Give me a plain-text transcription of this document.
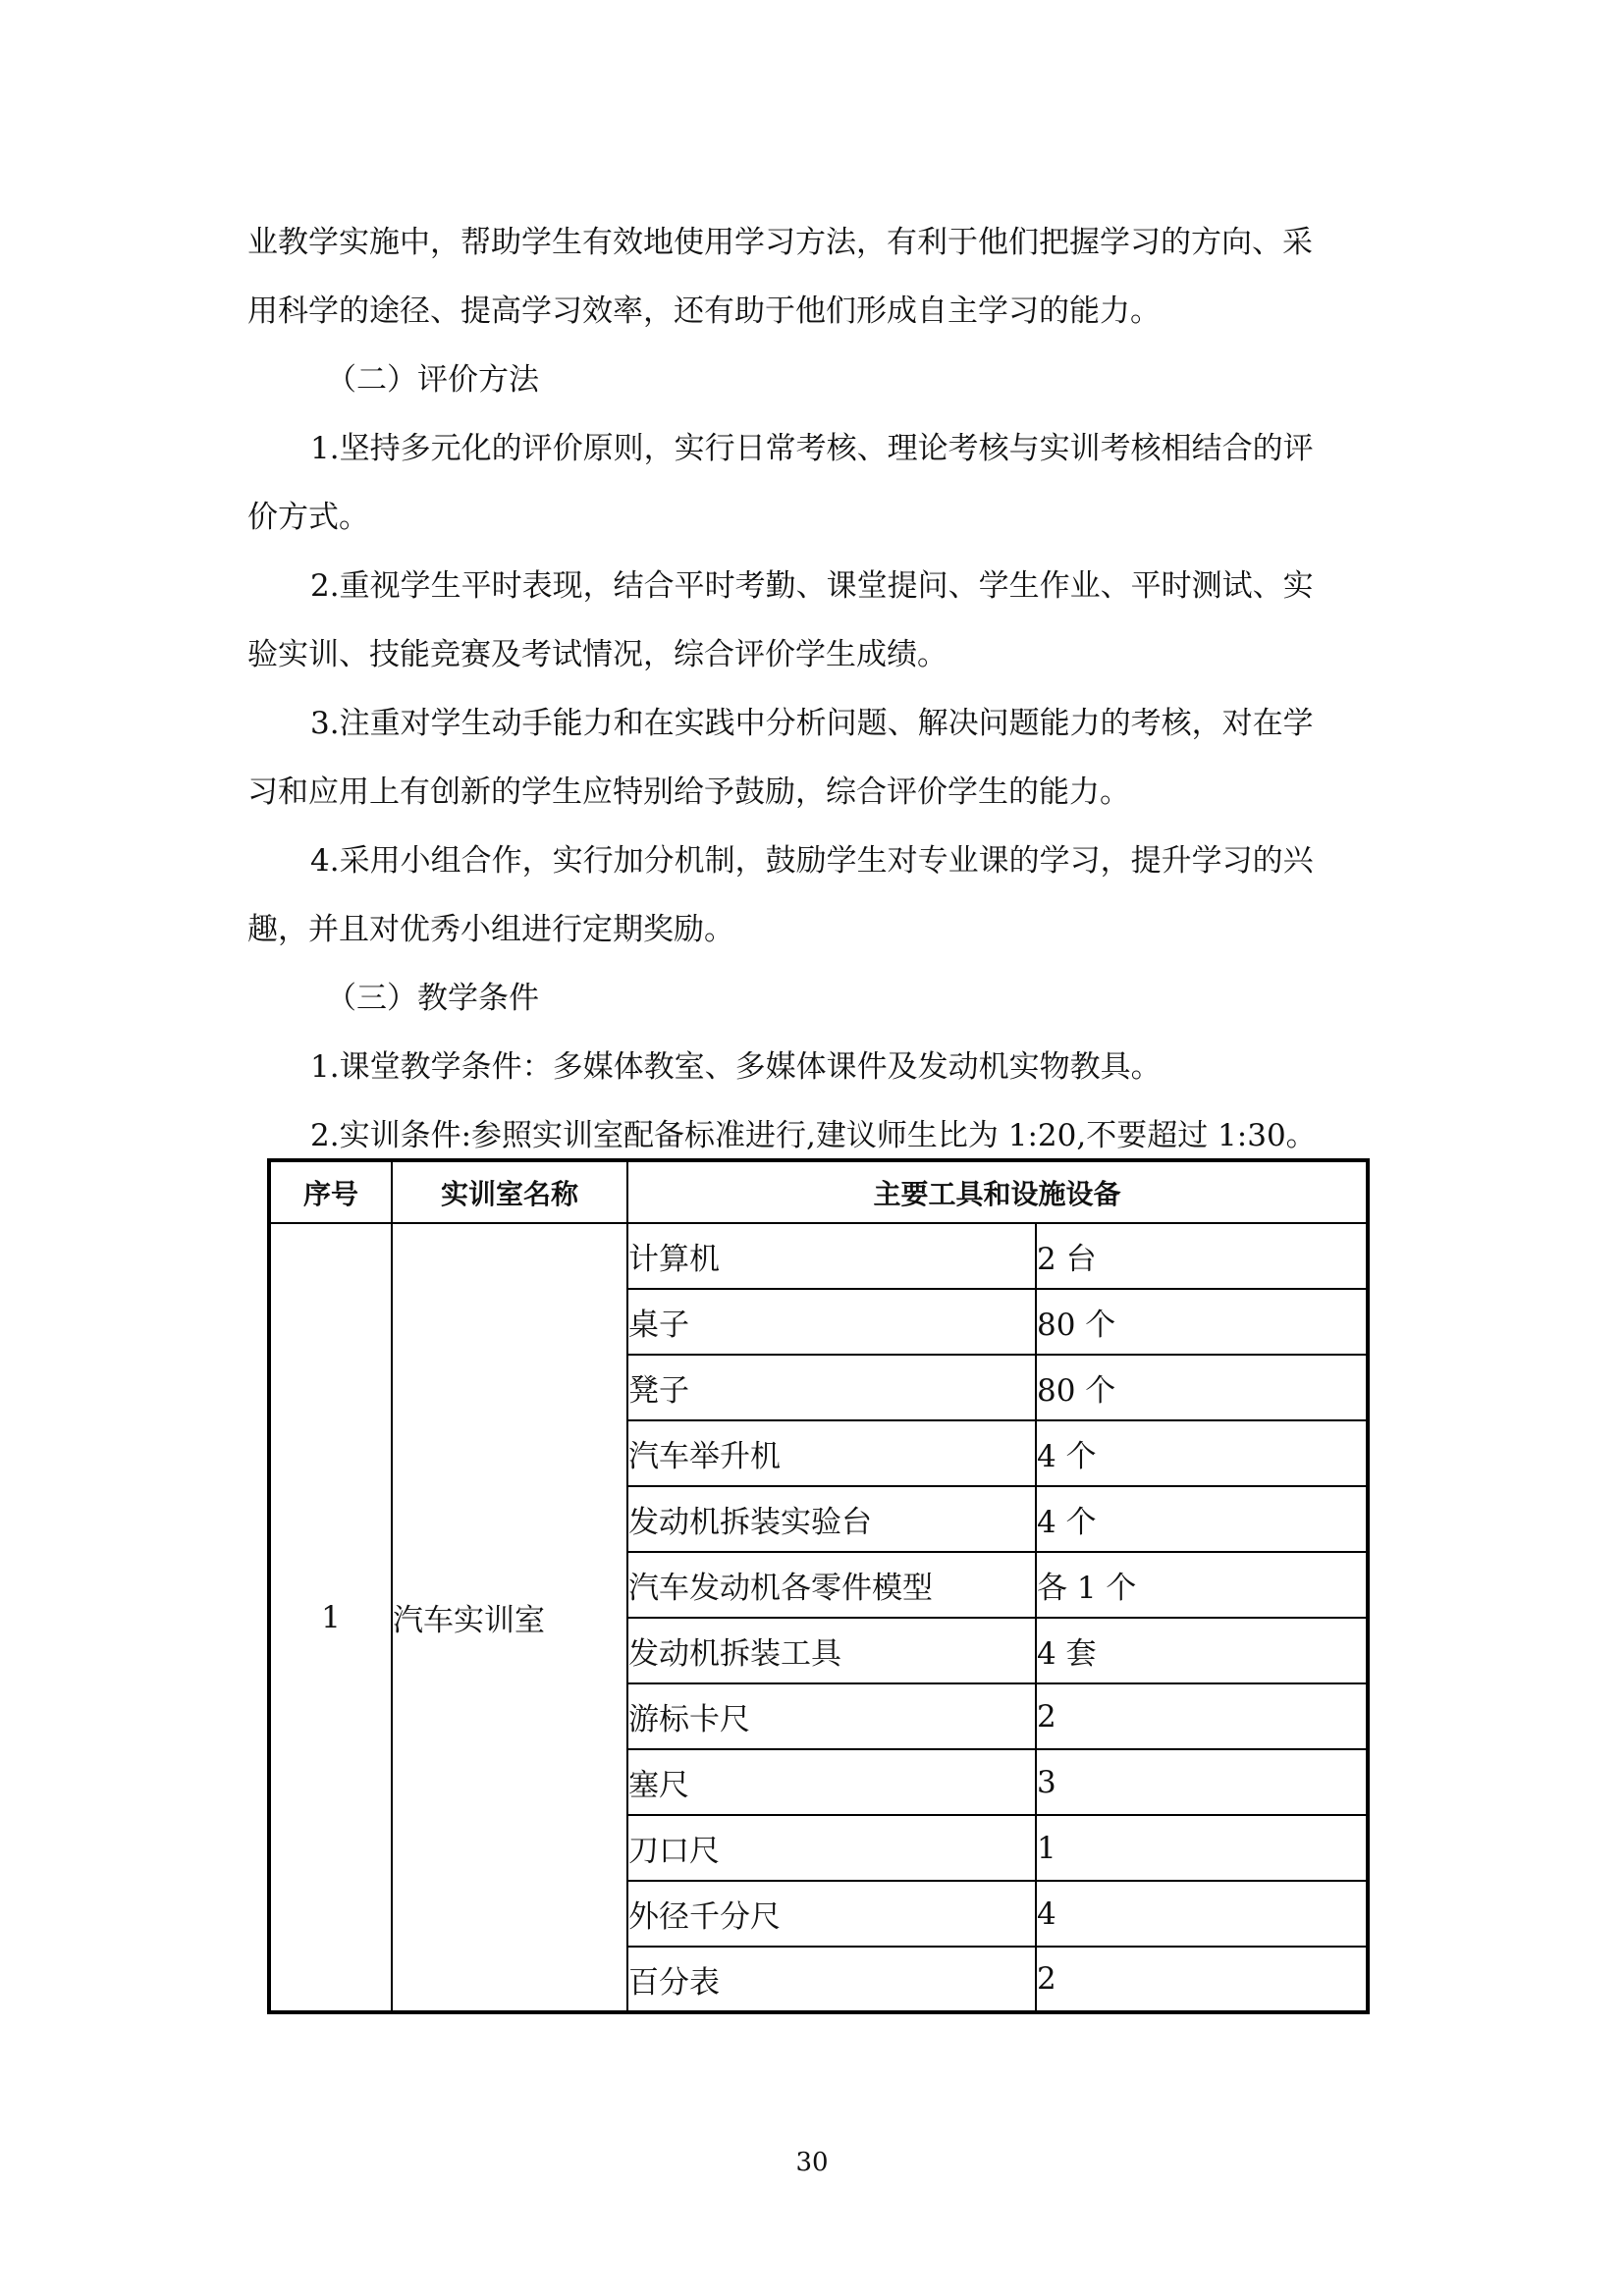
业教学实施中，帮助学生有效地使用学习方法，有利于他们把握学习的方向、采
用科学的途径、提高学习效率，还有助于他们形成自主学习的能力。
（二）评价方法
1.坚持多元化的评价原则，实行日常考核、理论考核与实训考核相结合的评
价方式。
2.重视学生平时表现，结合平时考勤、课堂提问、学生作业、平时测试、实
验实训、技能竞赛及考试情况，综合评价学生成绩。
3.注重对学生动手能力和在实践中分析问题、解决问题能力的考核，对在学
习和应用上有创新的学生应特别给予鼓励，综合评价学生的能力。
4.采用小组合作，实行加分机制，鼓励学生对专业课的学习，提升学习的兴
趣，并且对优秀小组进行定期奖励。
（三）教学条件
1.课堂教学条件：多媒体教室、多媒体课件及发动机实物教具。
2.实训条件:参照实训室配备标准进行,建议师生比为 1:20,不要超过 1:30。
序号	实训室名称	主要工具和设施设备	
1	汽车实训室	计算机	2 台
		桌子	80 个
		凳子	80 个
		汽车举升机	4 个
		发动机拆装实验台	4 个
		汽车发动机各零件模型	各 1 个
		发动机拆装工具	4 套
		游标卡尺	2
		塞尺	3
		刀口尺	1
		外径千分尺	4
		百分表	2
30
